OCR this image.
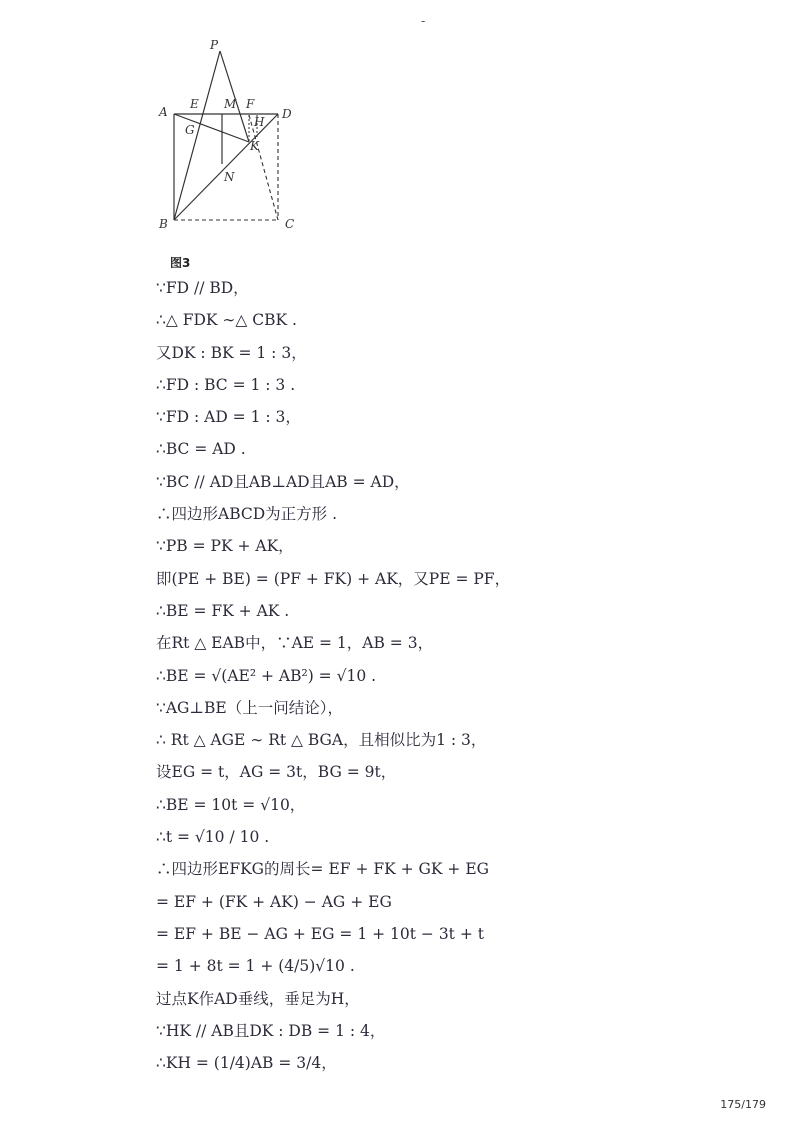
-
P
A
E M F
D
H
G
K
N
B	C
图3
∵FD // BD，
∴△ FDK ∼△ CBK .
又DK : BK = 1 : 3，
∴FD : BC = 1 : 3 .
∵FD : AD = 1 : 3，
∴BC = AD .
∵BC // AD且AB⊥AD且AB = AD，
∴四边形ABCD为正方形 .
∵PB = PK + AK，
即(PE + BE) = (PF + FK) + AK，又PE = PF，
∴BE = FK + AK .
在Rt △ EAB中，∵AE = 1，AB = 3，
∴BE = √(AE² + AB²) = √10 .
∵AG⊥BE（上一问结论），
∴ Rt △ AGE ∼ Rt △ BGA，且相似比为1 : 3，
设EG = t，AG = 3t，BG = 9t，
∴BE = 10t = √10，
∴t = √10 / 10 .
∴四边形EFKG的周长= EF + FK + GK + EG
= EF + (FK + AK) − AG + EG
= EF + BE − AG + EG = 1 + 10t − 3t + t
= 1 + 8t = 1 + (4/5)√10 .
过点K作AD垂线，垂足为H，
∵HK // AB且DK : DB = 1 : 4，
∴KH = (1/4)AB = 3/4，
175/179
